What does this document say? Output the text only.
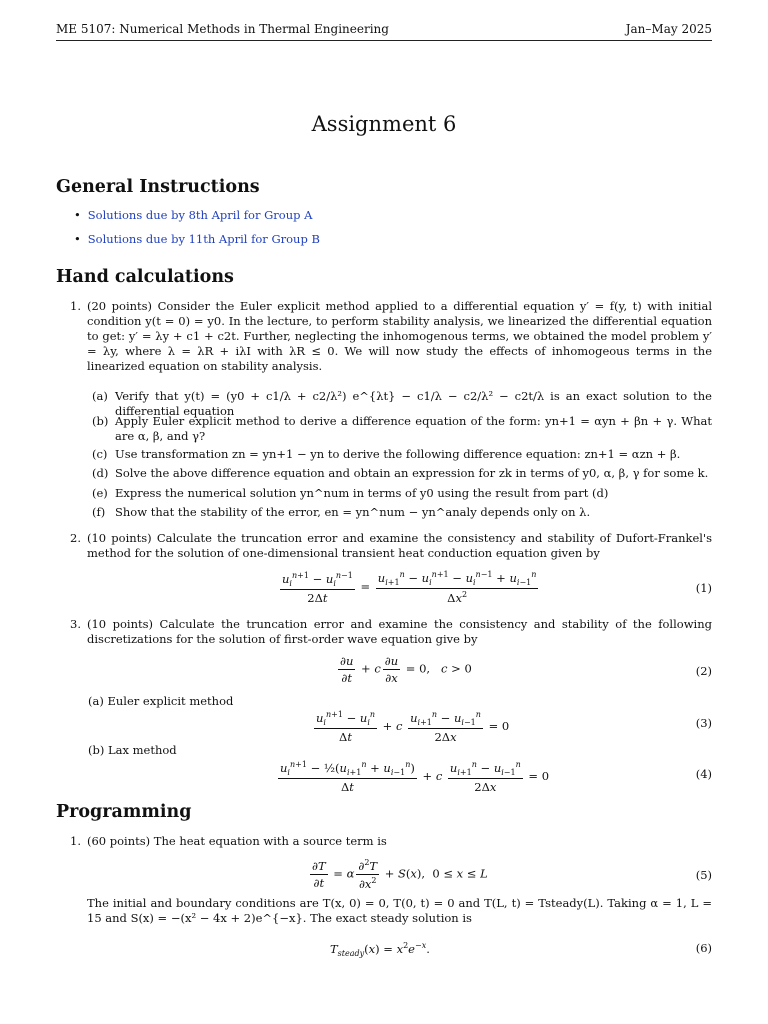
ME 5107: Numerical Methods in Thermal Engineering	Jan–May 2025
Assignment 6
General Instructions
• Solutions due by 8th April for Group A
• Solutions due by 11th April for Group B
Hand calculations
1. (20 points) Consider the Euler explicit method applied to a differential equation y′ = f(y, t) with initial condition y(t = 0) = y0. In the lecture, to perform stability analysis, we linearized the differential equation to get: y′ = λy + c1 + c2t. Further, neglecting the inhomogenous terms, we obtained the model problem y′ = λy, where λ = λR + iλI with λR ≤ 0. We will now study the effects of inhomogeous terms in the linearized equation on stability analysis.
(a) Verify that y(t) = (y0 + c1/λ + c2/λ²) e^{λt} − c1/λ − c2/λ² − c2t/λ is an exact solution to the differential equation
(b) Apply Euler explicit method to derive a difference equation of the form: yn+1 = αyn + βn + γ. What are α, β, and γ?
(c) Use transformation zn = yn+1 − yn to derive the following difference equation: zn+1 = αzn + β.
(d) Solve the above difference equation and obtain an expression for zk in terms of y0, α, β, γ for some k.
(e) Express the numerical solution yn^num in terms of y0 using the result from part (d)
(f) Show that the stability of the error, en = yn^num − yn^analy depends only on λ.
2. (10 points) Calculate the truncation error and examine the consistency and stability of Dufort-Frankel's method for the solution of one-dimensional transient heat conduction equation given by
$\frac{u_i^{n+1} - u_i^{n-1}}{2\Delta t} = \frac{u_{i+1}^n - u_i^{n+1} - u_i^{n-1} + u_{i-1}^n}{\Delta x^2}$	(1)
3. (10 points) Calculate the truncation error and examine the consistency and stability of the following discretizations for the solution of first-order wave equation give by
$\frac{\partial u}{\partial t} + c \frac{\partial u}{\partial x} = 0$,   c > 0	(2)
(a) Euler explicit method
$\frac{u_i^{n+1} - u_i^n}{\Delta t} + c \frac{u_{i+1}^n - u_{i-1}^n}{2\Delta x} = 0$	(3)
(b) Lax method
$\frac{u_i^{n+1} - \frac{1}{2}(u_{i+1}^n + u_{i-1}^n)}{\Delta t} + c \frac{u_{i+1}^n - u_{i-1}^n}{2\Delta x} = 0$	(4)
Programming
1. (60 points) The heat equation with a source term is
$\frac{\partial T}{\partial t} = \alpha \frac{\partial^2T}{\partial x^2} + S(x)$,  0 ≤ x ≤ L	(5)
The initial and boundary conditions are T(x, 0) = 0, T(0, t) = 0 and T(L, t) = Tsteady(L). Taking α = 1, L = 15 and S(x) = −(x² − 4x + 2)e^{−x}. The exact steady solution is
$T_{steady}(x) = x^2e^{-x}$.	(6)
